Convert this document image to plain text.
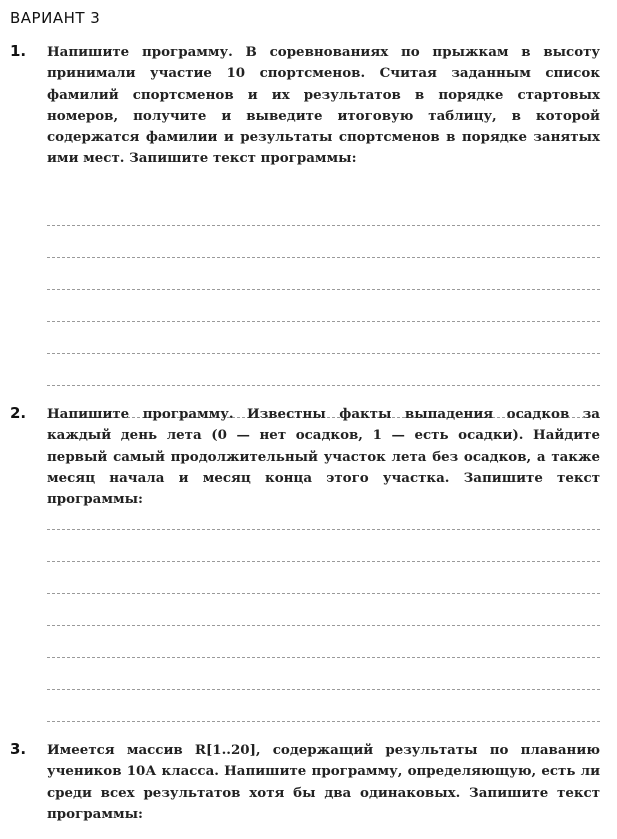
ВАРИАНТ 3
1. Напишите программу. В соревнованиях по прыжкам в высоту принимали участие 10 спортсменов. Считая заданным список фамилий спортсменов и их результатов в порядке стартовых номеров, получите и выведите итоговую таблицу, в которой содержатся фамилии и результаты спортсменов в порядке занятых ими мест. Запишите текст программы:
2. Напишите программу. Известны факты выпадения осадков за каждый день лета (0 — нет осадков, 1 — есть осадки). Найдите первый самый продолжительный участок лета без осадков, а также месяц начала и месяц конца этого участка. Запишите текст программы:
3. Имеется массив R[1..20], содержащий результаты по плаванию учеников 10А класса. Напишите программу, определяющую, есть ли среди всех результатов хотя бы два одинаковых. Запишите текст программы:
